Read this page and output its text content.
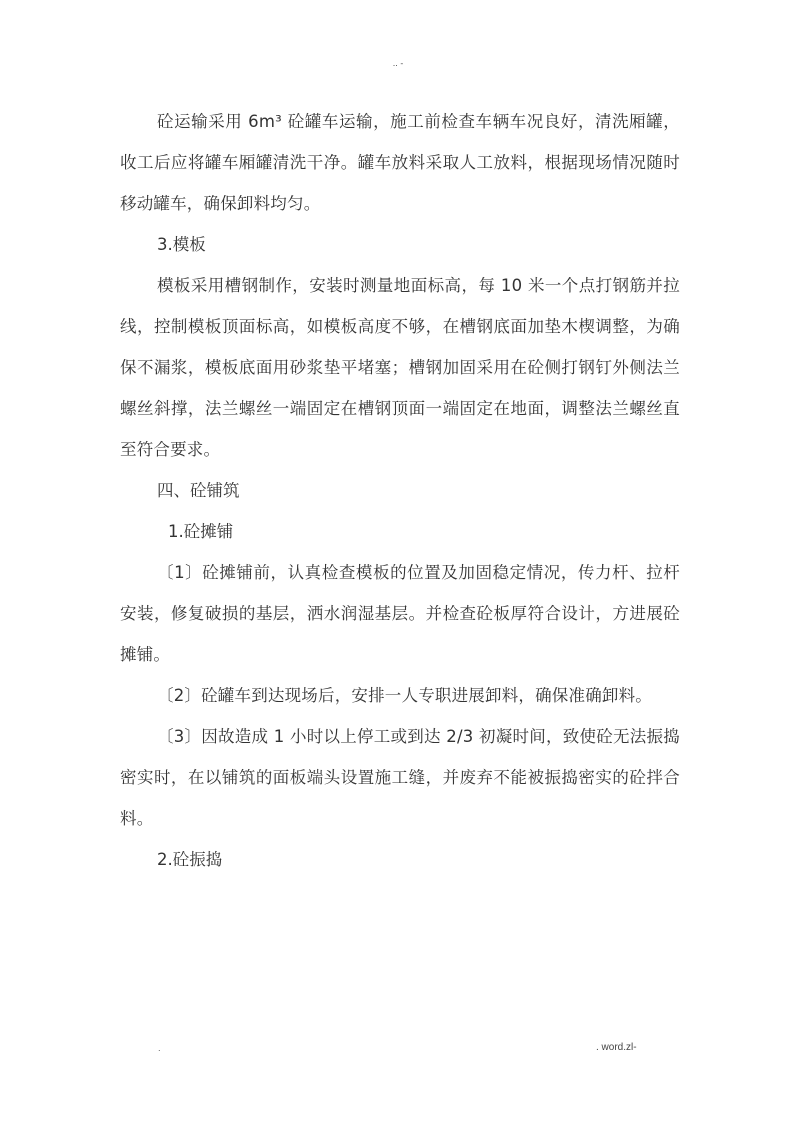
.. -

砼运输采用 6m³ 砼罐车运输，施工前检查车辆车况良好，清洗厢罐，收工后应将罐车厢罐清洗干净。罐车放料采取人工放料，根据现场情况随时移动罐车，确保卸料均匀。

3.模板

模板采用槽钢制作，安装时测量地面标高，每 10 米一个点打钢筋并拉线，控制模板顶面标高，如模板高度不够，在槽钢底面加垫木楔调整，为确保不漏浆，模板底面用砂浆垫平堵塞；槽钢加固采用在砼侧打钢钉外侧法兰螺丝斜撑，法兰螺丝一端固定在槽钢顶面一端固定在地面，调整法兰螺丝直至符合要求。

四、砼铺筑

1.砼摊铺

〔1〕砼摊铺前，认真检查模板的位置及加固稳定情况，传力杆、拉杆安装，修复破损的基层，洒水润湿基层。并检查砼板厚符合设计，方进展砼摊铺。

〔2〕砼罐车到达现场后，安排一人专职进展卸料，确保准确卸料。

〔3〕因故造成 1 小时以上停工或到达 2/3 初凝时间，致使砼无法振捣密实时，在以铺筑的面板端头设置施工缝，并废弃不能被振捣密实的砼拌合料。

2.砼振捣

.	. word.zl-
